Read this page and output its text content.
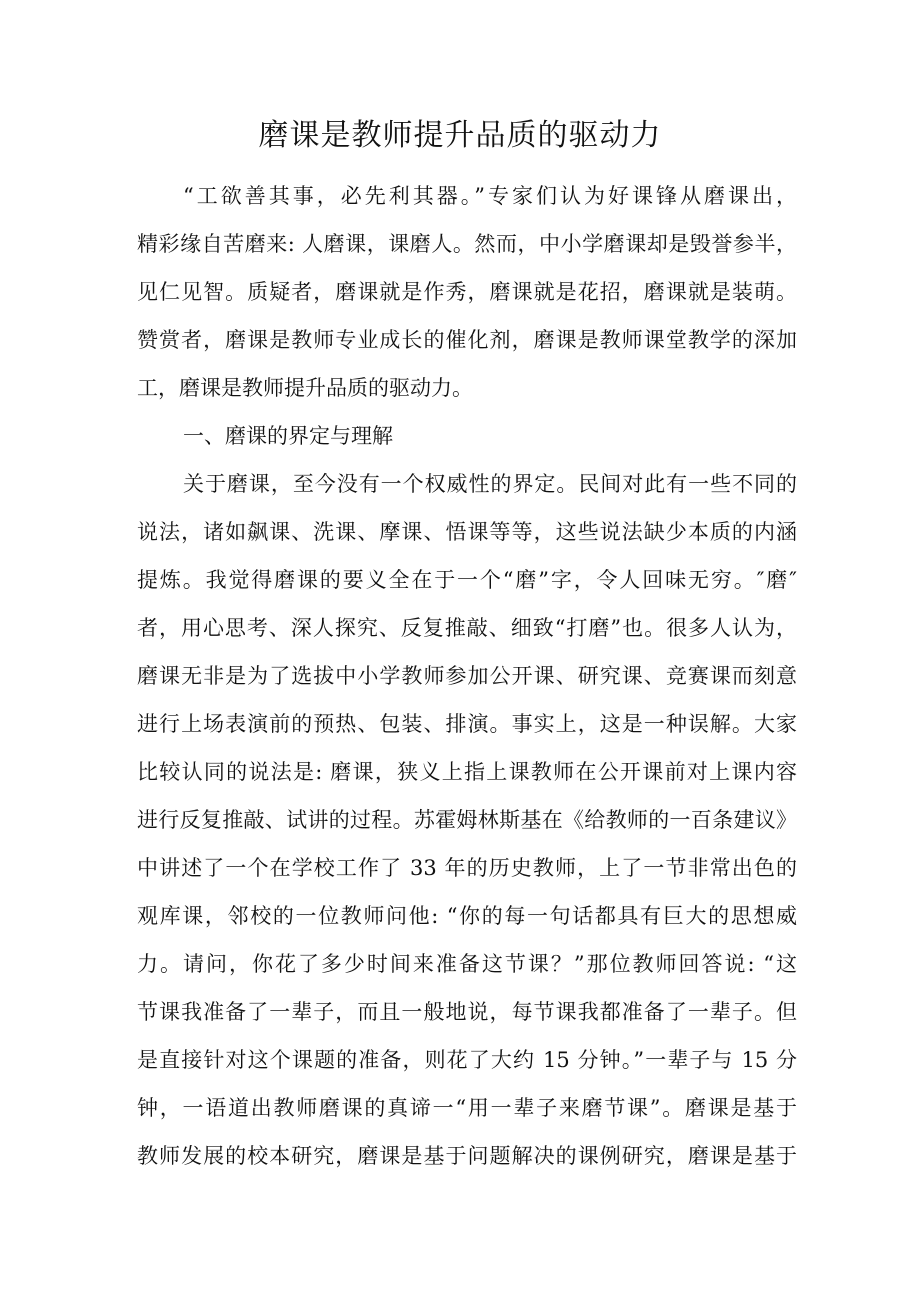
磨课是教师提升品质的驱动力
“工欲善其事，必先利其器。”专家们认为好课锋从磨课出，
精彩缘自苦磨来: 人磨课，课磨人。然而，中小学磨课却是毁誉参半，
见仁见智。质疑者，磨课就是作秀，磨课就是花招，磨课就是装萌。
赞赏者，磨课是教师专业成长的催化剂，磨课是教师课堂教学的深加
工，磨课是教师提升品质的驱动力。
一、磨课的界定与理解
关于磨课，至今没有一个权威性的界定。民间对此有一些不同的
说法，诸如飙课、洗课、摩课、悟课等等，这些说法缺少本质的内涵
提炼。我觉得磨课的要义全在于一个“磨”字，令人回味无穷。″磨″
者，用心思考、深人探究、反复推敲、细致“打磨”也。很多人认为，
磨课无非是为了选拔中小学教师参加公开课、研究课、竞赛课而刻意
进行上场表演前的预热、包装、排演。事实上，这是一种误解。大家
比较认同的说法是: 磨课，狭义上指上课教师在公开课前对上课内容
进行反复推敲、试讲的过程。苏霍姆林斯基在《给教师的一百条建议》
中讲述了一个在学校工作了 33 年的历史教师，上了一节非常出色的
观库课，邻校的一位教师问他: “你的每一句话都具有巨大的思想威
力。请问，你花了多少时间来准备这节课？”那位教师回答说: “这
节课我准备了一辈子，而且一般地说，每节课我都准备了一辈子。但
是直接针对这个课题的准备，则花了大约 15 分钟。”一辈子与 15 分
钟，一语道出教师磨课的真谛一“用一辈子来磨节课”。磨课是基于
教师发展的校本研究，磨课是基于问题解决的课例研究，磨课是基于
